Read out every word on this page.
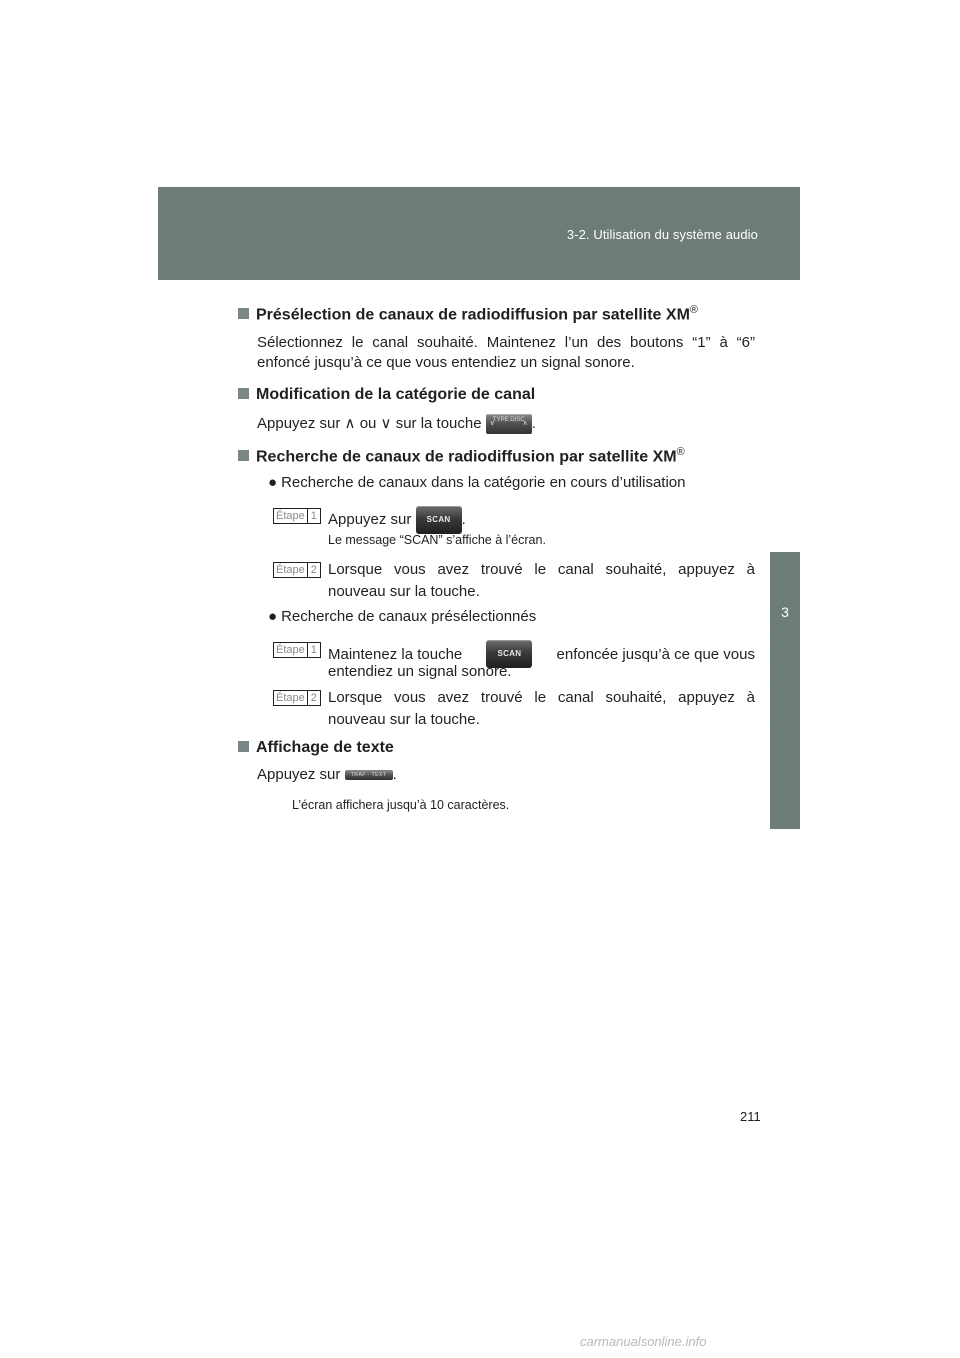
3-2. Utilisation du système audio
3
Caractéristiques de l’habitacle
Présélection de canaux de radiodiffusion par satellite XM®
Sélectionnez le canal souhaité. Maintenez l’un des boutons “1” à “6”
enfoncé jusqu’à ce que vous entendiez un signal sonore.
Modification de la catégorie de canal
Appuyez sur ∧ ou ∨ sur la touche ∨
TYPE DISC
∧ .
Recherche de canaux de radiodiffusion par satellite XM®
● Recherche de canaux dans la catégorie en cours d’utilisation
Étape 1 Appuyez sur SCAN .
Le message “SCAN” s’affiche à l’écran.
Étape 2 Lorsque vous avez trouvé le canal souhaité, appuyez à
nouveau sur la touche.
● Recherche de canaux présélectionnés
Étape 1 Maintenez la touche	SCAN	enfoncée jusqu’à ce que vous
entendiez un signal sonore.
Étape 2 Lorsque vous avez trouvé le canal souhaité, appuyez à
nouveau sur la touche.
Affichage de texte
Appuyez sur TRAF · TEXT .
L’écran affichera jusqu’à 10 caractères.
211
carmanualsonline.info
